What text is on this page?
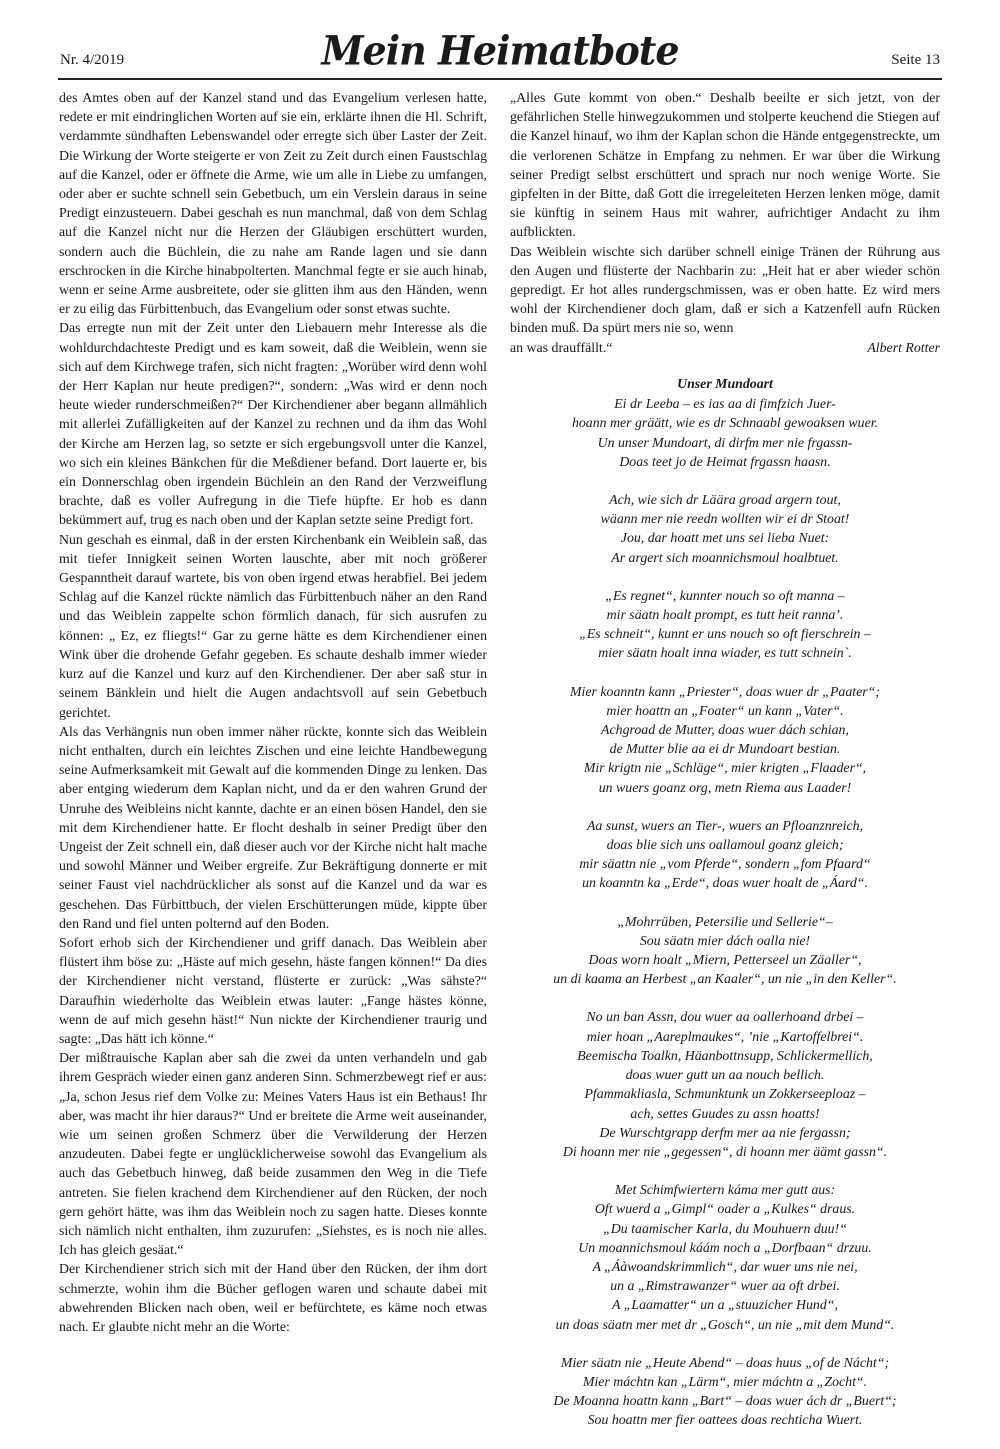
Nr. 4/2019	Mein Heimatbote	Seite 13

des Amtes oben auf der Kanzel stand und das Evangelium verlesen hatte, redete er mit eindringlichen Worten auf sie ein, erklärte ihnen die Hl. Schrift, verdammte sündhaften Lebenswandel oder erregte sich über Laster der Zeit. Die Wirkung der Worte steigerte er von Zeit zu Zeit durch einen Faustschlag auf die Kanzel, oder er öffnete die Arme, wie um alle in Liebe zu umfangen, oder aber er suchte schnell sein Gebetbuch, um ein Verslein daraus in seine Predigt einzusteuern. Dabei geschah es nun manchmal, daß von dem Schlag auf die Kanzel nicht nur die Herzen der Gläubigen erschüttert wurden, sondern auch die Büchlein, die zu nahe am Rande lagen und sie dann erschrocken in die Kirche hinabpolterten. Manchmal fegte er sie auch hinab, wenn er seine Arme ausbreitete, oder sie glitten ihm aus den Händen, wenn er zu eilig das Fürbittenbuch, das Evangelium oder sonst etwas suchte.

Das erregte nun mit der Zeit unter den Liebauern mehr Interesse als die wohldurchdachteste Predigt und es kam soweit, daß die Weiblein, wenn sie sich auf dem Kirchwege trafen, sich nicht fragten: „Worüber wird denn wohl der Herr Kaplan nur heute predigen?“, sondern: „Was wird er denn noch heute wieder runderschmeißen?“ Der Kirchendiener aber begann allmählich mit allerlei Zufälligkeiten auf der Kanzel zu rechnen und da ihm das Wohl der Kirche am Herzen lag, so setzte er sich ergebungsvoll unter die Kanzel, wo sich ein kleines Bänkchen für die Meßdiener befand. Dort lauerte er, bis ein Donnerschlag oben irgendein Büchlein an den Rand der Verzweiflung brachte, daß es voller Aufregung in die Tiefe hüpfte. Er hob es dann bekümmert auf, trug es nach oben und der Kaplan setzte seine Predigt fort.

Nun geschah es einmal, daß in der ersten Kirchenbank ein Weiblein saß, das mit tiefer Innigkeit seinen Worten lauschte, aber mit noch größerer Gespanntheit darauf wartete, bis von oben irgend etwas herabfiel. Bei jedem Schlag auf die Kanzel rückte nämlich das Fürbittenbuch näher an den Rand und das Weiblein zappelte schon förmlich danach, für sich ausrufen zu können: „ Ez, ez fliegts!“ Gar zu gerne hätte es dem Kirchendiener einen Wink über die drohende Gefahr gegeben. Es schaute deshalb immer wieder kurz auf die Kanzel und kurz auf den Kirchendiener. Der aber saß stur in seinem Bänklein und hielt die Augen andachtsvoll auf sein Gebetbuch gerichtet.

Als das Verhängnis nun oben immer näher rückte, konnte sich das Weiblein nicht enthalten, durch ein leichtes Zischen und eine leichte Handbewegung seine Aufmerksamkeit mit Gewalt auf die kommenden Dinge zu lenken. Das aber entging wiederum dem Kaplan nicht, und da er den wahren Grund der Unruhe des Weibleins nicht kannte, dachte er an einen bösen Handel, den sie mit dem Kirchendiener hatte. Er flocht deshalb in seiner Predigt über den Ungeist der Zeit schnell ein, daß dieser auch vor der Kirche nicht halt mache und sowohl Männer und Weiber ergreife. Zur Bekräftigung donnerte er mit seiner Faust viel nachdrücklicher als sonst auf die Kanzel und da war es geschehen. Das Fürbittbuch, der vielen Erschütterungen müde, kippte über den Rand und fiel unten polternd auf den Boden.

Sofort erhob sich der Kirchendiener und griff danach. Das Weiblein aber flüstert ihm böse zu: „Häste auf mich gesehn, häste fangen können!“ Da dies der Kirchendiener nicht verstand, flüsterte er zurück: „Was sähste?“ Daraufhin wiederholte das Weiblein etwas lauter: „Fange hästes könne, wenn de auf mich gesehn häst!“ Nun nickte der Kirchendiener traurig und sagte: „Das hätt ich könne.“

Der mißtrauische Kaplan aber sah die zwei da unten verhandeln und gab ihrem Gespräch wieder einen ganz anderen Sinn. Schmerzbewegt rief er aus: „Ja, schon Jesus rief dem Volke zu: Meines Vaters Haus ist ein Bethaus! Ihr aber, was macht ihr hier daraus?“ Und er breitete die Arme weit auseinander, wie um seinen großen Schmerz über die Verwilderung der Herzen anzudeuten. Dabei fegte er unglücklicherweise sowohl das Evangelium als auch das Gebetbuch hinweg, daß beide zusammen den Weg in die Tiefe antreten. Sie fielen krachend dem Kirchendiener auf den Rücken, der noch gern gehört hätte, was ihm das Weiblein noch zu sagen hatte. Dieses konnte sich nämlich nicht enthalten, ihm zuzurufen: „Siehstes, es is noch nie alles. Ich has gleich gesäat.“

Der Kirchendiener strich sich mit der Hand über den Rücken, der ihm dort schmerzte, wohin ihm die Bücher geflogen waren und schaute dabei mit abwehrenden Blicken nach oben, weil er befürchtete, es käme noch etwas nach. Er glaubte nicht mehr an die Worte:

„Alles Gute kommt von oben.“ Deshalb beeilte er sich jetzt, von der gefährlichen Stelle hinwegzukommen und stolperte keuchend die Stiegen auf die Kanzel hinauf, wo ihm der Kaplan schon die Hände entgegenstreckte, um die verlorenen Schätze in Empfang zu nehmen. Er war über die Wirkung seiner Predigt selbst erschüttert und sprach nur noch wenige Worte. Sie gipfelten in der Bitte, daß Gott die irregeleiteten Herzen lenken möge, damit sie künftig in seinem Haus mit wahrer, aufrichtiger Andacht zu ihm aufblickten.

Das Weiblein wischte sich darüber schnell einige Tränen der Rührung aus den Augen und flüsterte der Nachbarin zu: „Heit hat er aber wieder schön gepredigt. Er hot alles rundergschmissen, was er oben hatte. Ez wird mers wohl der Kirchendiener doch glam, daß er sich a Katzenfell aufn Rücken binden muß. Da spürt mers nie so, wenn

an was drauffällt.“	Albert Rotter
Unser Mundoart
Ei dr Leeba – es ias aa di fimfzich Juer-
hoann mer gräätt, wie es dr Schnaabl gewoaksen wuer.
Un unser Mundoart, di dirfm mer nie frgassn-
Doas teet jo de Heimat frgassn haasn.
Ach, wie sich dr Läära groad argern tout,
wäann mer nie reedn wollten wir ei dr Stoat!
Jou, dar hoatt met uns sei lieba Nuet:
Ar argert sich moannichsmoul hoalbtuet.
„Es regnet“, kunnter nouch so oft manna –
mir säatn hoalt prompt, es tutt heit ranna’.
„Es schneit“, kunnt er uns nouch so oft fierschrein –
mier säatn hoalt inna wiader, es tutt schnein`.
Mier koanntn kann „Priester“, doas wuer dr „Paater“;
mier hoattn an „Foater“ un kann „Vater“.
Achgroad de Mutter, doas wuer dách schian,
de Mutter blie aa ei dr Mundoart bestian.
Mir krigtn nie „Schläge“, mier krigten „Flaader“,
un wuers goanz org, metn Riema aus Laader!
Aa sunst, wuers an Tier-, wuers an Pfloanznreich,
doas blie sich uns oallamoul goanz gleich;
mir säattn nie „vom Pferde“, sondern „fom Pfaard“
un koanntn ka „Erde“, doas wuer hoalt de „Áard“.
„Mohrrüben, Petersilie und Sellerie“–
Sou säatn mier dách oalla nie!
Doas worn hoalt „Miern, Petterseel un Zäaller“,
un di kaama an Herbest „an Kaaler“, un nie „in den Keller“.
No un ban Assn, dou wuer aa oallerhoand drbei –
mier hoan „Aareplmaukes“, ’nie „Kartoffelbrei“.
Beemischa Toalkn, Häanbottnsupp, Schlickermellich,
doas wuer gutt un aa nouch bellich.
Pfammakliasla, Schmunktunk un Zokkerseeploaz –
ach, settes Guudes zu assn hoatts!
De Wurschtgrapp derfm mer aa nie fergassn;
Di hoann mer nie „gegessen“, di hoann mer äämt gassn“.
Met Schimfwiertern káma mer gutt aus:
Oft wuerd a „Gimpl“ oader a „Kulkes“ draus.
„Du taamischer Karla, du Mouhuern duu!“
Un moannichsmoul káám noch a „Dorfbaan“ drzuu.
A „Áàwoandskrimmlich“, dar wuer uns nie nei,
un a „Rimstrawanzer“ wuer aa oft drbei.
A „Laamatter“ un a „stuuzicher Hund“,
un doas säatn mer met dr „Gosch“, un nie „mit dem Mund“.
Mier säatn nie „Heute Abend“ – doas huus „of de Nácht“;
Mier máchtn kan „Lärm“, mier máchtn a „Zocht“.
De Moanna hoattn kann „Bart“ – doas wuer ách dr „Buert“;
Sou hoattn mer fier oattees doas rechticha Wuert.
